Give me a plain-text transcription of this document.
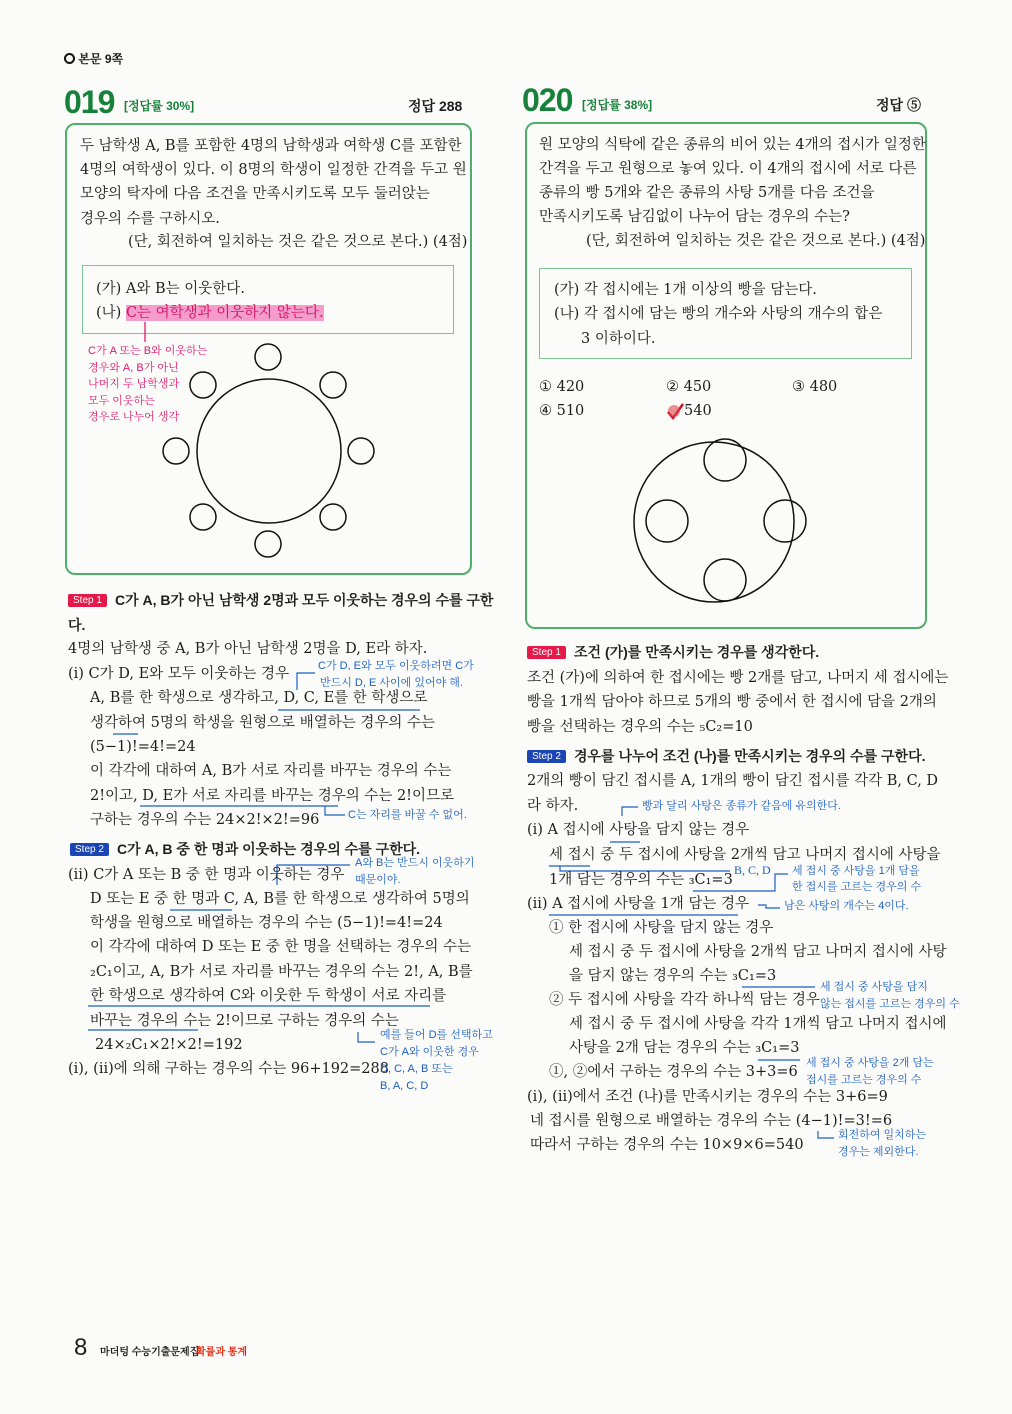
본문 9쪽
019 [정답률 30%]	정답 288
두 남학생 A, B를 포함한 4명의 남학생과 여학생 C를 포함한
4명의 여학생이 있다. 이 8명의 학생이 일정한 간격을 두고 원
모양의 탁자에 다음 조건을 만족시키도록 모두 둘러앉는
경우의 수를 구하시오.
(단, 회전하여 일치하는 것은 같은 것으로 본다.) (4점)
(가) A와 B는 이웃한다.
(나) C는 여학생과 이웃하지 않는다.
C가 A 또는 B와 이웃하는
경우와 A, B가 아닌
나머지 두 남학생과
모두 이웃하는
경우로 나누어 생각
Step 1 C가 A, B가 아닌 남학생 2명과 모두 이웃하는 경우의 수를 구한
다.
4명의 남학생 중 A, B가 아닌 남학생 2명을 D, E라 하자.
(i) C가 D, E와 모두 이웃하는 경우
A, B를 한 학생으로 생각하고, D, C, E를 한 학생으로
생각하여 5명의 학생을 원형으로 배열하는 경우의 수는
(5−1)!=4!=24
이 각각에 대하여 A, B가 서로 자리를 바꾸는 경우의 수는
2!이고, D, E가 서로 자리를 바꾸는 경우의 수는 2!이므로
구하는 경우의 수는 24×2!×2!=96
C가 D, E와 모두 이웃하려면 C가
반드시 D, E 사이에 있어야 해.
C는 자리를 바꿀 수 없어.
Step 2 C가 A, B 중 한 명과 이웃하는 경우의 수를 구한다.
(ii) C가 A 또는 B 중 한 명과 이웃하는 경우
D 또는 E 중 한 명과 C, A, B를 한 학생으로 생각하여 5명의
학생을 원형으로 배열하는 경우의 수는 (5−1)!=4!=24
이 각각에 대하여 D 또는 E 중 한 명을 선택하는 경우의 수는
₂C₁이고, A, B가 서로 자리를 바꾸는 경우의 수는 2!, A, B를
한 학생으로 생각하여 C와 이웃한 두 학생이 서로 자리를
바꾸는 경우의 수는 2!이므로 구하는 경우의 수는
24×₂C₁×2!×2!=192
(i), (ii)에 의해 구하는 경우의 수는 96+192=288
A와 B는 반드시 이웃하기
때문이야.
예를 들어 D를 선택하고
C가 A와 이웃한 경우
D, C, A, B 또는
B, A, C, D
020 [정답률 38%]	정답 ⑤
원 모양의 식탁에 같은 종류의 비어 있는 4개의 접시가 일정한
간격을 두고 원형으로 놓여 있다. 이 4개의 접시에 서로 다른
종류의 빵 5개와 같은 종류의 사탕 5개를 다음 조건을
만족시키도록 남김없이 나누어 담는 경우의 수는?
(단, 회전하여 일치하는 것은 같은 것으로 본다.) (4점)
(가) 각 접시에는 1개 이상의 빵을 담는다.
(나) 각 접시에 담는 빵의 개수와 사탕의 개수의 합은
3 이하이다.
① 420	② 450	③ 480
④ 510	540
Step 1 조건 (가)를 만족시키는 경우를 생각한다.
조건 (가)에 의하여 한 접시에는 빵 2개를 담고, 나머지 세 접시에는
빵을 1개씩 담아야 하므로 5개의 빵 중에서 한 접시에 담을 2개의
빵을 선택하는 경우의 수는 ₅C₂=10
Step 2 경우를 나누어 조건 (나)를 만족시키는 경우의 수를 구한다.
2개의 빵이 담긴 접시를 A, 1개의 빵이 담긴 접시를 각각 B, C, D
라 하자.
(i) A 접시에 사탕을 담지 않는 경우
세 접시 중 두 접시에 사탕을 2개씩 담고 나머지 접시에 사탕을
1개 담는 경우의 수는 ₃C₁=3
(ii) A 접시에 사탕을 1개 담는 경우
① 한 접시에 사탕을 담지 않는 경우
세 접시 중 두 접시에 사탕을 2개씩 담고 나머지 접시에 사탕
을 담지 않는 경우의 수는 ₃C₁=3
② 두 접시에 사탕을 각각 하나씩 담는 경우
세 접시 중 두 접시에 사탕을 각각 1개씩 담고 나머지 접시에
사탕을 2개 담는 경우의 수는 ₃C₁=3
①, ②에서 구하는 경우의 수는 3+3=6
(i), (ii)에서 조건 (나)를 만족시키는 경우의 수는 3+6=9
네 접시를 원형으로 배열하는 경우의 수는 (4−1)!=3!=6
따라서 구하는 경우의 수는 10×9×6=540
빵과 달리 사탕은 종류가 같음에 유의한다.
B, C, D 세 접시 중 사탕을 1개 담을
한 접시를 고르는 경우의 수
남은 사탕의 개수는 4이다.
세 접시 중 사탕을 담지
않는 접시를 고르는 경우의 수
세 접시 중 사탕을 2개 담는
접시를 고르는 경우의 수
회전하여 일치하는
경우는 제외한다.
8 마더텅 수능기출문제집
확률과 통계
